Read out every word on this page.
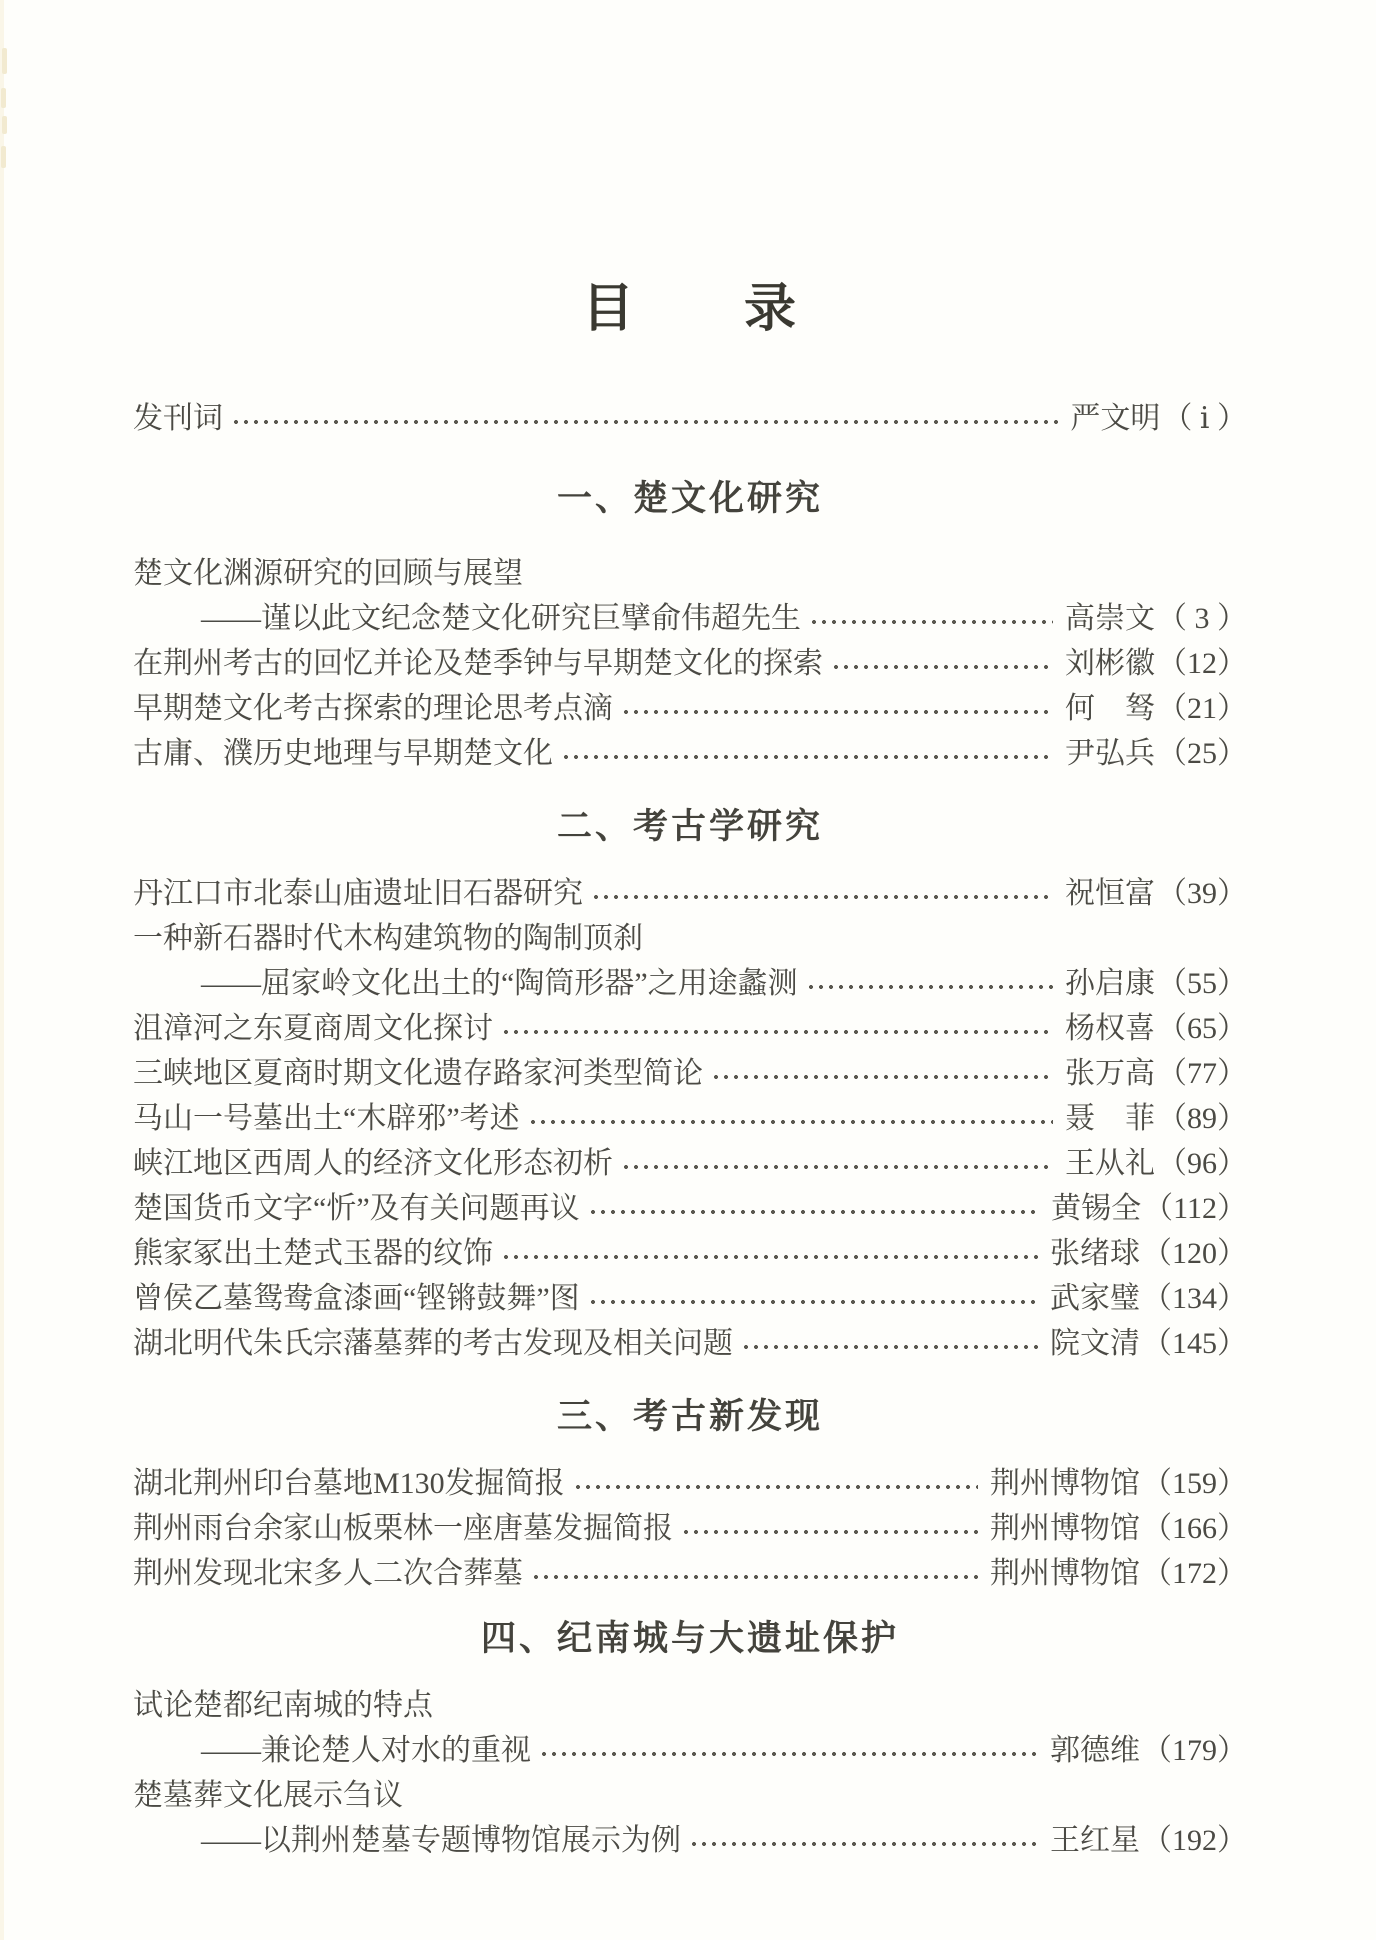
目　　录
发刊词	严文明 （ ⅰ ）
一、楚文化研究
楚文化渊源研究的回顾与展望
——谨以此文纪念楚文化研究巨擘俞伟超先生	高崇文 （ 3 ）
在荆州考古的回忆并论及楚季钟与早期楚文化的探索	刘彬徽 （12）
早期楚文化考古探索的理论思考点滴	何　驽 （21）
古庸、濮历史地理与早期楚文化	尹弘兵 （25）
二、考古学研究
丹江口市北泰山庙遗址旧石器研究	祝恒富 （39）
一种新石器时代木构建筑物的陶制顶刹
——屈家岭文化出土的“陶筒形器”之用途蠡测	孙启康 （55）
沮漳河之东夏商周文化探讨	杨权喜 （65）
三峡地区夏商时期文化遗存路家河类型简论	张万高 （77）
马山一号墓出土“木辟邪”考述	聂　菲 （89）
峡江地区西周人的经济文化形态初析	王从礼 （96）
楚国货币文字“忻”及有关问题再议	黄锡全 （112）
熊家冢出土楚式玉器的纹饰	张绪球 （120）
曾侯乙墓鸳鸯盒漆画“铿锵鼓舞”图	武家璧 （134）
湖北明代朱氏宗藩墓葬的考古发现及相关问题	院文清 （145）
三、考古新发现
湖北荆州印台墓地M130发掘简报	荆州博物馆 （159）
荆州雨台余家山板栗林一座唐墓发掘简报	荆州博物馆 （166）
荆州发现北宋多人二次合葬墓	荆州博物馆 （172）
四、纪南城与大遗址保护
试论楚都纪南城的特点
——兼论楚人对水的重视	郭德维 （179）
楚墓葬文化展示刍议
——以荆州楚墓专题博物馆展示为例	王红星 （192）
